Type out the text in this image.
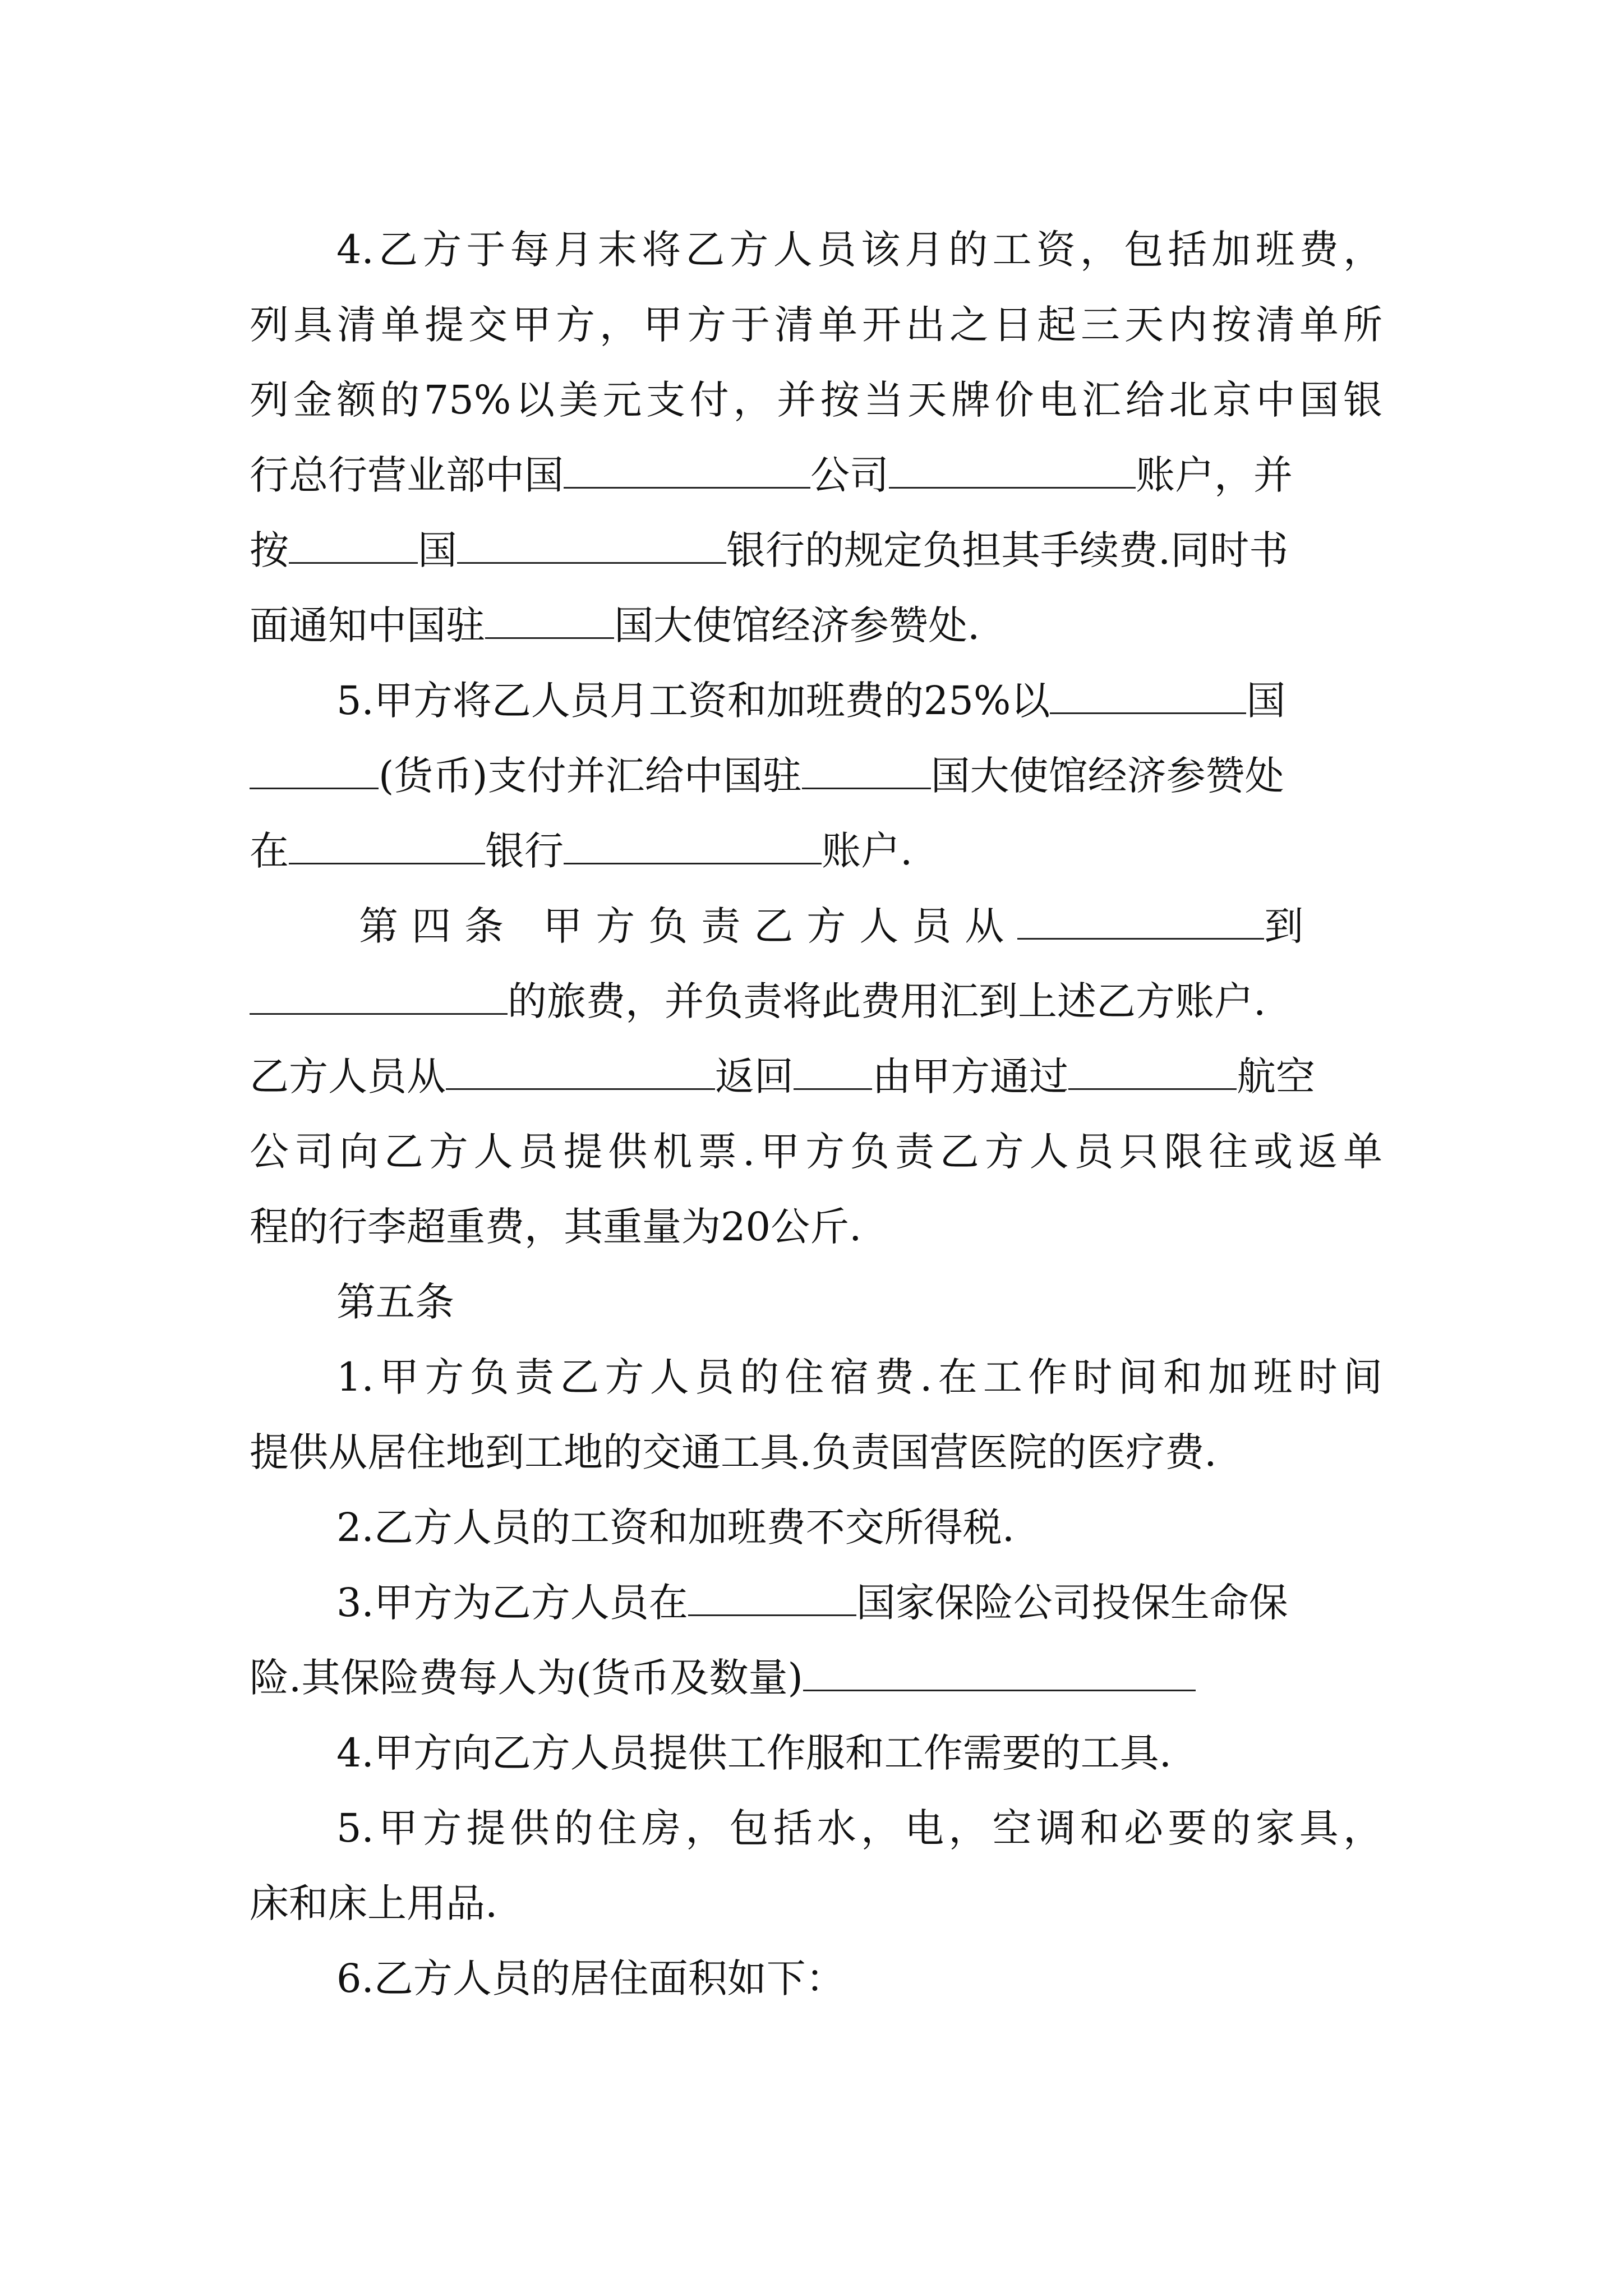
4.乙方于每月末将乙方人员该月的工资，包括加班费，
列具清单提交甲方，甲方于清单开出之日起三天内按清单所
列金额的75%以美元支付，并按当天牌价电汇给北京中国银
行总行营业部中国	公司	账户，并
按	国	银行的规定负担其手续费.同时书
面通知中国驻	国大使馆经济参赞处.
5.甲方将乙人员月工资和加班费的25%以	国
(货币)支付并汇给中国驻	国大使馆经济参赞处
在	银行	账户.
第四条 甲方负责乙方人员从	到
的旅费，并负责将此费用汇到上述乙方账户.
乙方人员从	返回 由甲方通过	航空
公司向乙方人员提供机票.甲方负责乙方人员只限往或返单
程的行李超重费，其重量为20公斤.
第五条
1.甲方负责乙方人员的住宿费.在工作时间和加班时间
提供从居住地到工地的交通工具.负责国营医院的医疗费.
2.乙方人员的工资和加班费不交所得税.
3.甲方为乙方人员在	国家保险公司投保生命保
险.其保险费每人为(货币及数量)
4.甲方向乙方人员提供工作服和工作需要的工具.
5.甲方提供的住房，包括水，电，空调和必要的家具，
床和床上用品.
6.乙方人员的居住面积如下：
